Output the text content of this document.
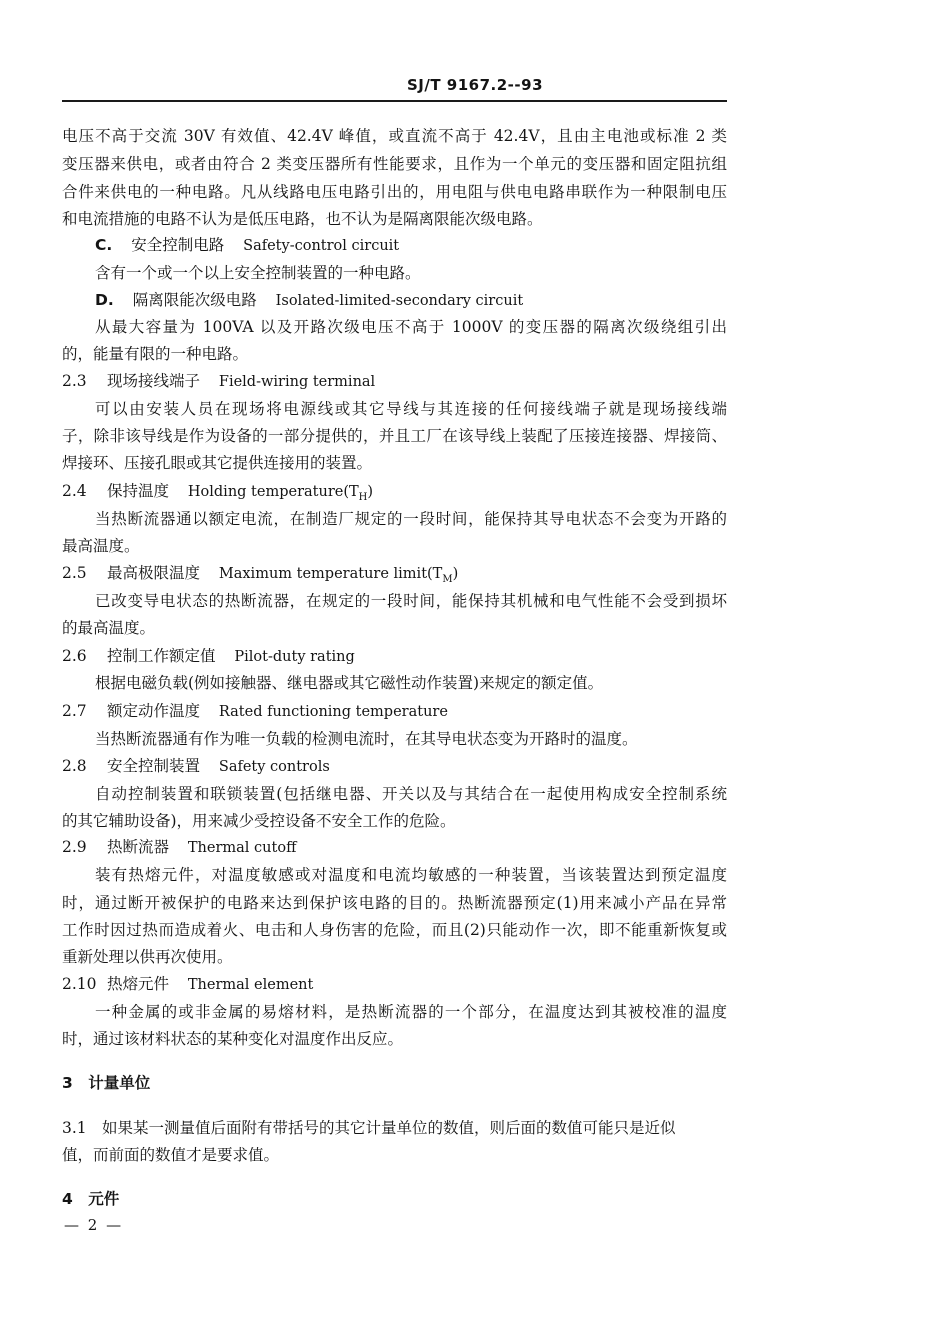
SJ/T 9167.2--93
电压不高于交流 30V 有效值、42.4V 峰值，或直流不高于 42.4V，且由主电池或标准 2 类
变压器来供电，或者由符合 2 类变压器所有性能要求，且作为一个单元的变压器和固定阻抗组
合件来供电的一种电路。凡从线路电压电路引出的，用电阻与供电电路串联作为一种限制电压
和电流措施的电路不认为是低压电路，也不认为是隔离限能次级电路。
C. 安全控制电路 Safety-control circuit
含有一个或一个以上安全控制装置的一种电路。
D. 隔离限能次级电路 Isolated-limited-secondary circuit
从最大容量为 100VA 以及开路次级电压不高于 1000V 的变压器的隔离次级绕组引出
的，能量有限的一种电路。
2.3 现场接线端子 Field-wiring terminal
可以由安装人员在现场将电源线或其它导线与其连接的任何接线端子就是现场接线端
子，除非该导线是作为设备的一部分提供的，并且工厂在该导线上装配了压接连接器、焊接筒、
焊接环、压接孔眼或其它提供连接用的装置。
2.4 保持温度 Holding $temperature(T_H)$
当热断流器通以额定电流，在制造厂规定的一段时间，能保持其导电状态不会变为开路的
最高温度。
2.5 最高极限温度 Maximum temperature $limit(T_M)$
已改变导电状态的热断流器，在规定的一段时间，能保持其机械和电气性能不会受到损坏
的最高温度。
2.6 控制工作额定值 Pilot-duty rating
根据电磁负载(例如接触器、继电器或其它磁性动作装置)来规定的额定值。
2.7 额定动作温度 Rated functioning temperature
当热断流器通有作为唯一负载的检测电流时，在其导电状态变为开路时的温度。
2.8 安全控制装置 Safety controls
自动控制装置和联锁装置(包括继电器、开关以及与其结合在一起使用构成安全控制系统
的其它辅助设备)，用来减少受控设备不安全工作的危险。
2.9 热断流器 Thermal cutoff
装有热熔元件，对温度敏感或对温度和电流均敏感的一种装置，当该装置达到预定温度
时，通过断开被保护的电路来达到保护该电路的目的。热断流器预定(1)用来减小产品在异常
工作时因过热而造成着火、电击和人身伤害的危险，而且(2)只能动作一次，即不能重新恢复或
重新处理以供再次使用。
2.10 热熔元件 Thermal element
一种金属的或非金属的易熔材料，是热断流器的一个部分，在温度达到其被校准的温度
时，通过该材料状态的某种变化对温度作出反应。
3 计量单位
3.1 如果某一测量值后面附有带括号的其它计量单位的数值，则后面的数值可能只是近似
值，而前面的数值才是要求值。
4 元件
— 2 —
